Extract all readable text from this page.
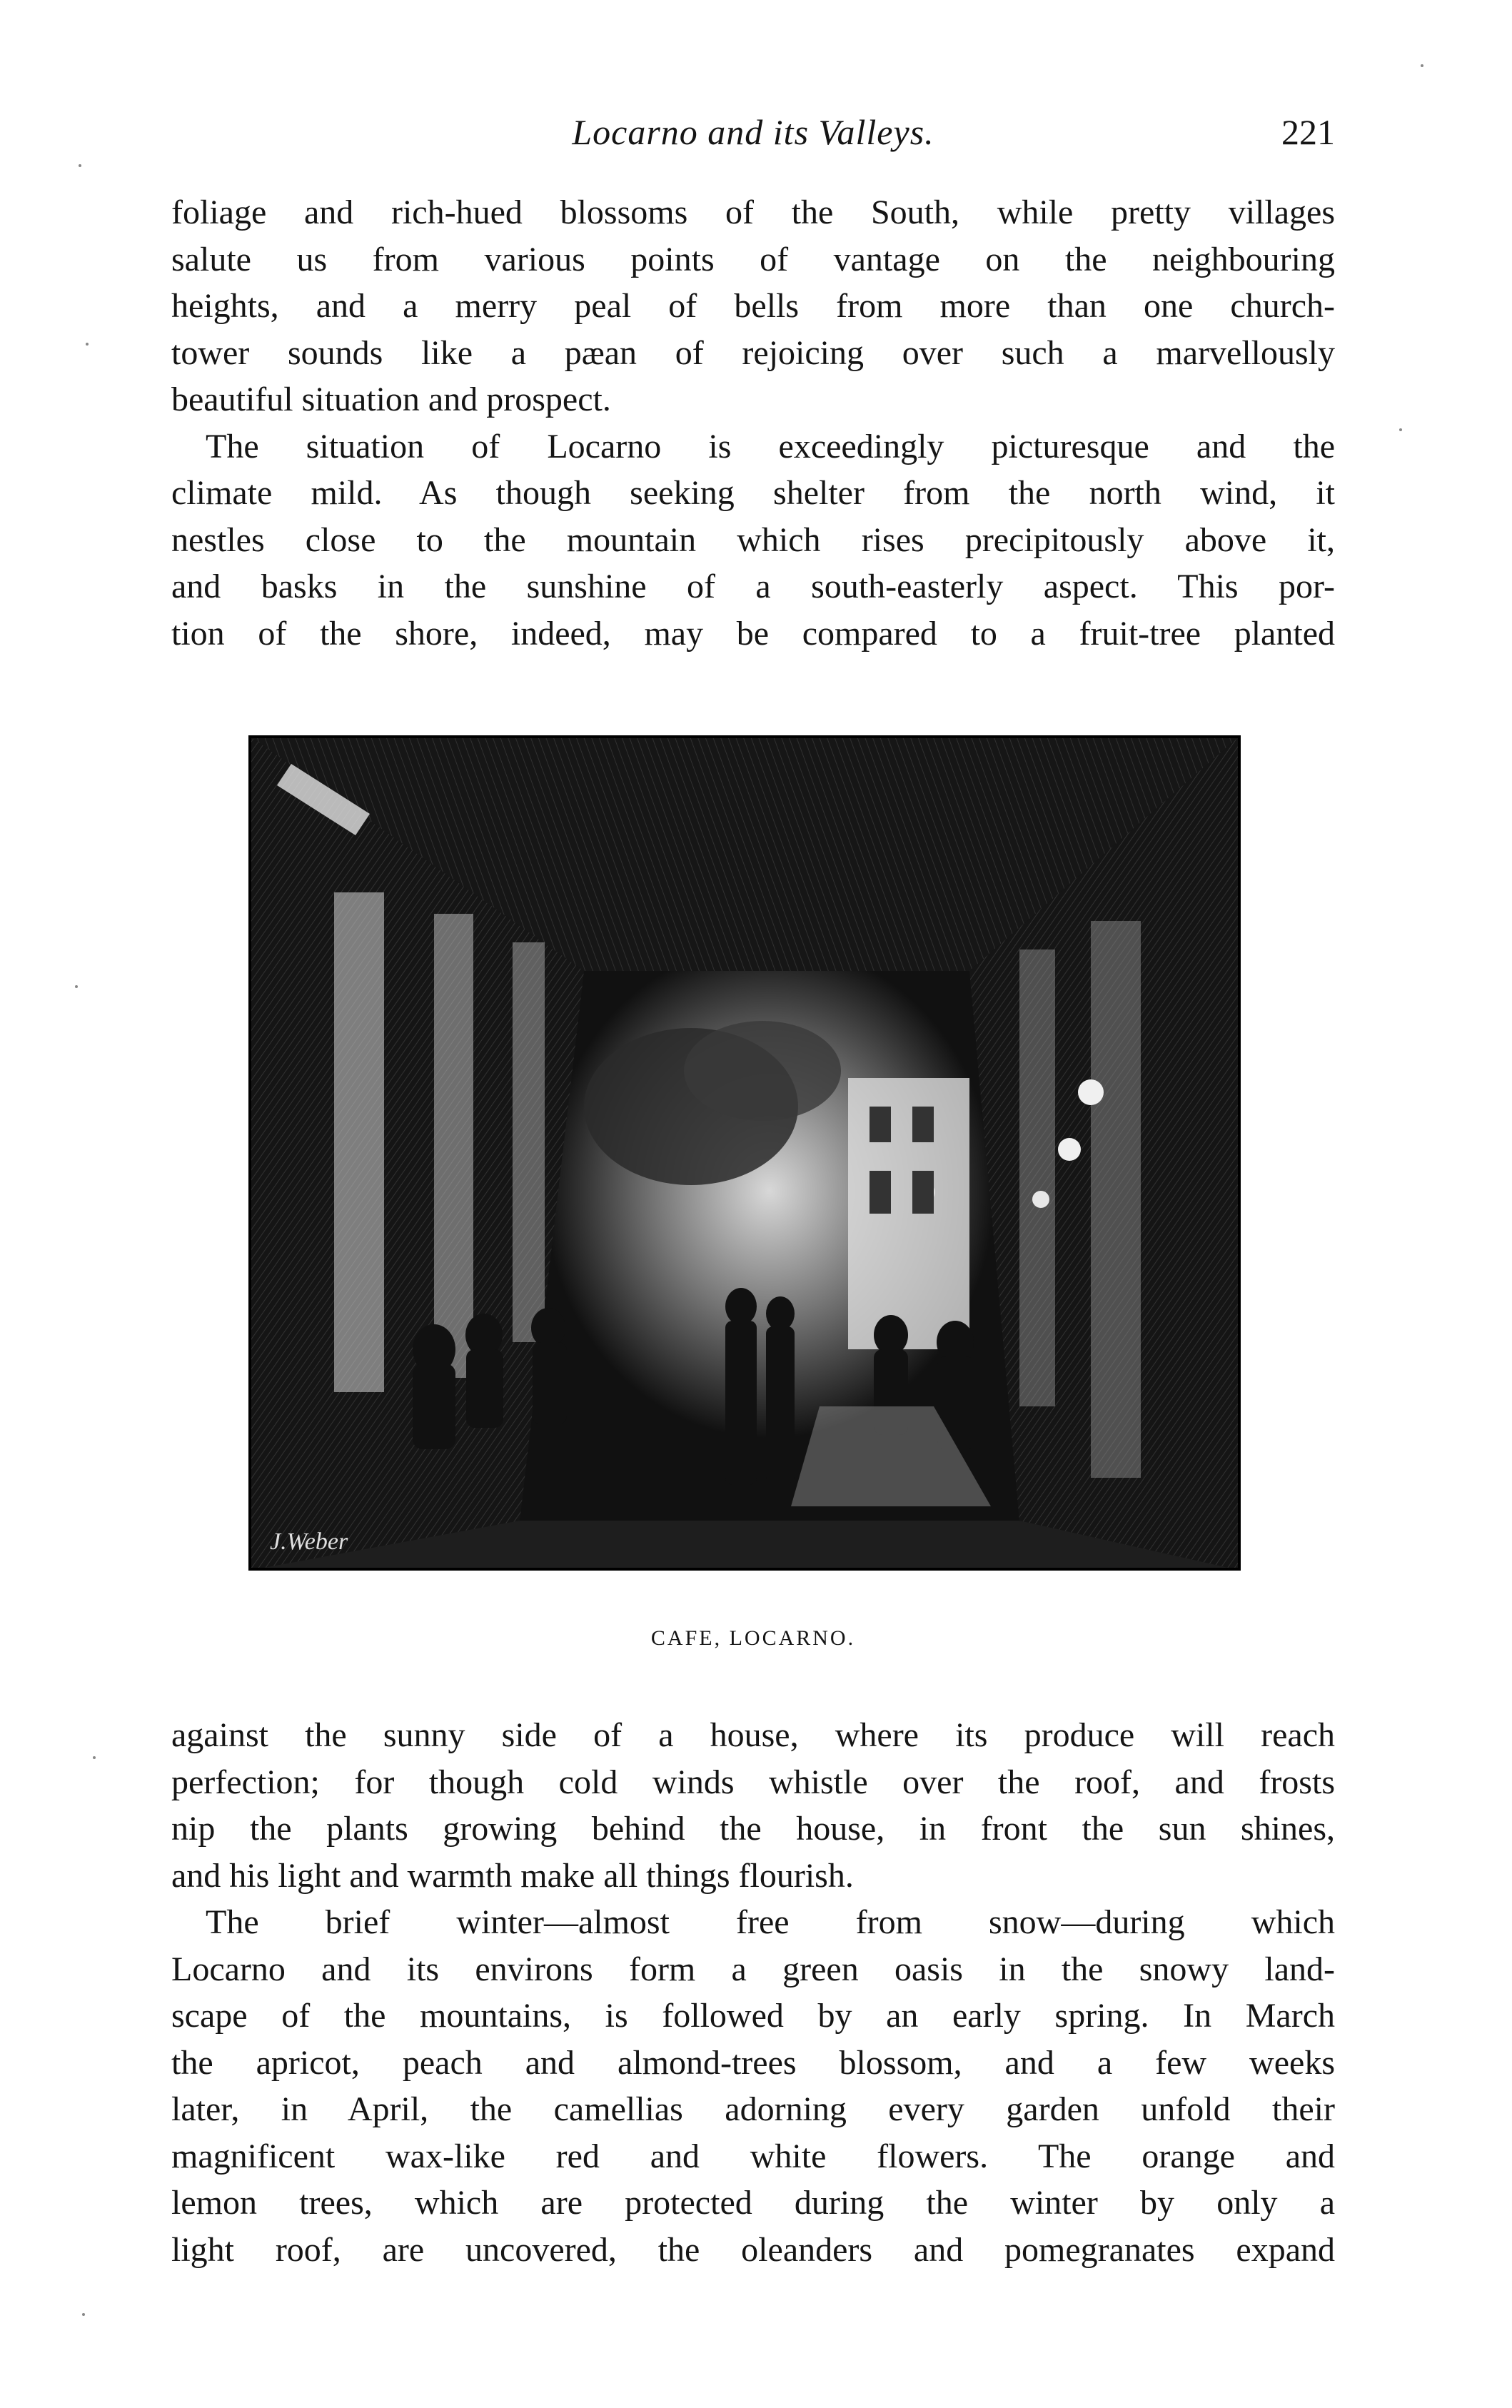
Locarno and its Valleys.	221
foliage and rich-hued blossoms of the South, while pretty villages
salute us from various points of vantage on the neighbouring
heights, and a merry peal of bells from more than one church-
tower sounds like a pæan of rejoicing over such a marvellously
beautiful situation and prospect.
The situation of Locarno is exceedingly picturesque and the
climate mild. As though seeking shelter from the north wind, it
nestles close to the mountain which rises precipitously above it,
and basks in the sunshine of a south-easterly aspect. This por-
tion of the shore, indeed, may be compared to a fruit-tree planted
J.Weber
CAFE, LOCARNO.
against the sunny side of a house, where its produce will reach
perfection; for though cold winds whistle over the roof, and frosts
nip the plants growing behind the house, in front the sun shines,
and his light and warmth make all things flourish.
The brief winter—almost free from snow—during which
Locarno and its environs form a green oasis in the snowy land-
scape of the mountains, is followed by an early spring. In March
the apricot, peach and almond-trees blossom, and a few weeks
later, in April, the camellias adorning every garden unfold their
magnificent wax-like red and white flowers. The orange and
lemon trees, which are protected during the winter by only a
light roof, are uncovered, the oleanders and pomegranates expand
